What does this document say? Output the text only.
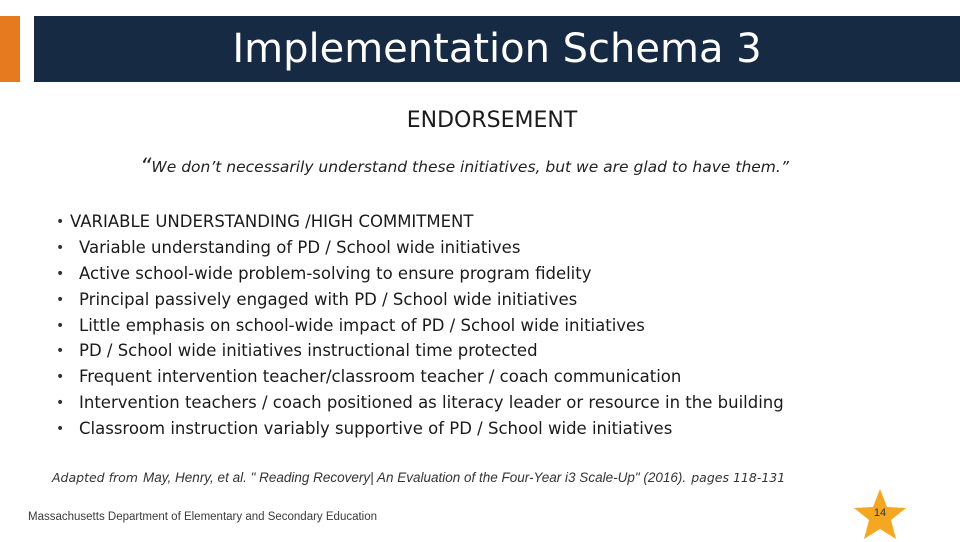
Implementation Schema 3
ENDORSEMENT
“We don’t necessarily understand these initiatives, but we are glad to have them.”
• VARIABLE UNDERSTANDING /HIGH COMMITMENT
• Variable understanding of PD / School wide initiatives
• Active school-wide problem-solving to ensure program fidelity
• Principal passively engaged with PD / School wide initiatives
• Little emphasis on school-wide impact of PD / School wide initiatives
• PD / School wide initiatives instructional time protected
• Frequent intervention teacher/classroom teacher / coach communication
• Intervention teachers / coach positioned as literacy leader or resource in the building
• Classroom instruction variably supportive of PD / School wide initiatives
Adapted from May, Henry, et al. " Reading Recovery| An Evaluation of the Four-Year i3 Scale-Up" (2016). pages 118-131
Massachusetts Department of Elementary and Secondary Education	14
